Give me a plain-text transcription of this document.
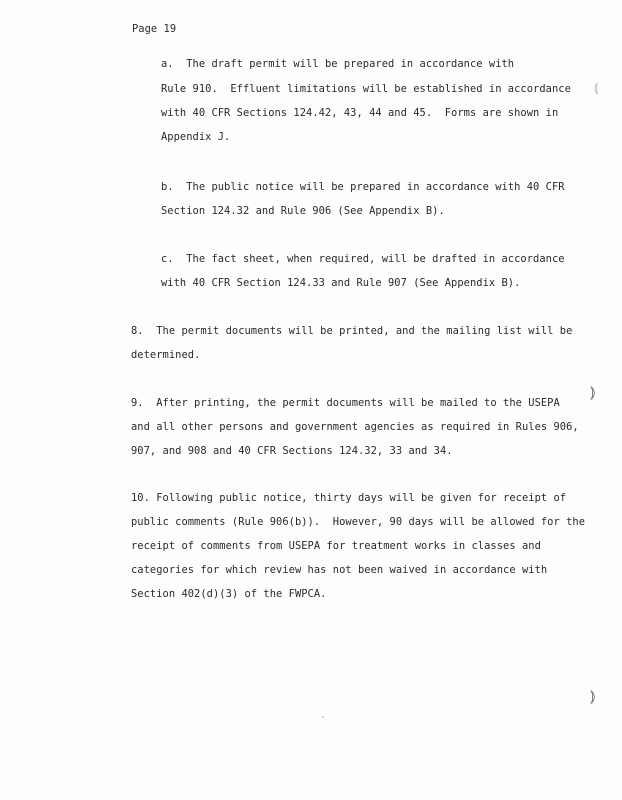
Page 19
a.  The draft permit will be prepared in accordance with
Rule 910.  Effluent limitations will be established in accordance
with 40 CFR Sections 124.42, 43, 44 and 45.  Forms are shown in
Appendix J.
b.  The public notice will be prepared in accordance with 40 CFR
Section 124.32 and Rule 906 (See Appendix B).
c.  The fact sheet, when required, will be drafted in accordance
with 40 CFR Section 124.33 and Rule 907 (See Appendix B).
8.  The permit documents will be printed, and the mailing list will be
determined.
9.  After printing, the permit documents will be mailed to the USEPA
and all other persons and government agencies as required in Rules 906,
907, and 908 and 40 CFR Sections 124.32, 33 and 34.
10. Following public notice, thirty days will be given for receipt of
public comments (Rule 906(b)).  However, 90 days will be allowed for the
receipt of comments from USEPA for treatment works in classes and
categories for which review has not been waived in accordance with
Section 402(d)(3) of the FWPCA.
⦅
⦆
⦆
